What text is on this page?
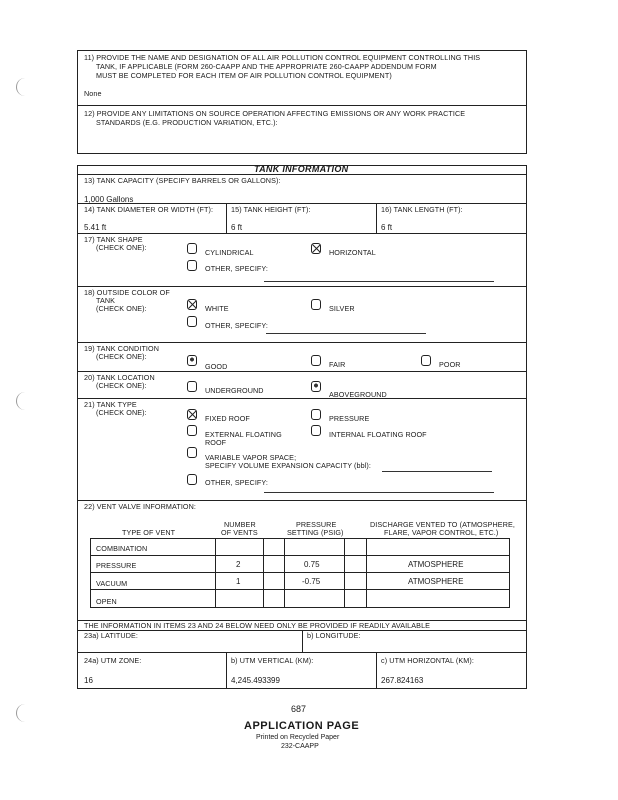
11) PROVIDE THE NAME AND DESIGNATION OF ALL AIR POLLUTION CONTROL EQUIPMENT CONTROLLING THIS
TANK, IF APPLICABLE (FORM 260-CAAPP AND THE APPROPRIATE 260-CAAPP ADDENDUM FORM
MUST BE COMPLETED FOR EACH ITEM OF AIR POLLUTION CONTROL EQUIPMENT)
None
12) PROVIDE ANY LIMITATIONS ON SOURCE OPERATION AFFECTING EMISSIONS OR ANY WORK PRACTICE
STANDARDS (E.G. PRODUCTION VARIATION, ETC.):
TANK INFORMATION
13) TANK CAPACITY (SPECIFY BARRELS OR GALLONS):
1,000 Gallons
14) TANK DIAMETER OR WIDTH (FT): 15) TANK HEIGHT (FT):	16) TANK LENGTH (FT):
5.41 ft	6 ft	6 ft
17) TANK SHAPE
(CHECK ONE):
CYLINDRICAL	HORIZONTAL
OTHER, SPECIFY:
18) OUTSIDE COLOR OF
TANK
(CHECK ONE):	WHITE	SILVER
OTHER, SPECIFY:
19) TANK CONDITION
(CHECK ONE):
GOOD	FAIR	POOR
20) TANK LOCATION
(CHECK ONE):
UNDERGROUND	ABOVEGROUND
21) TANK TYPE
(CHECK ONE):
FIXED ROOF	PRESSURE
EXTERNAL FLOATING
ROOF
INTERNAL FLOATING ROOF
VARIABLE VAPOR SPACE;
SPECIFY VOLUME EXPANSION CAPACITY (bbl):
OTHER, SPECIFY:
22) VENT VALVE INFORMATION:
TYPE OF VENT
NUMBER
OF VENTS
PRESSURE
SETTING (PSIG)
DISCHARGE VENTED TO (ATMOSPHERE,
FLARE, VAPOR CONTROL, ETC.)
COMBINATION
PRESSURE	2	0.75	ATMOSPHERE
VACUUM	1	-0.75	ATMOSPHERE
OPEN
THE INFORMATION IN ITEMS 23 AND 24 BELOW NEED ONLY BE PROVIDED IF READILY AVAILABLE
23a) LATITUDE:	b) LONGITUDE:
24a) UTM ZONE:	b) UTM VERTICAL (KM):	c) UTM HORIZONTAL (KM):
16	4,245.493399	267.824163
687
APPLICATION PAGE
Printed on Recycled Paper
232-CAAPP
